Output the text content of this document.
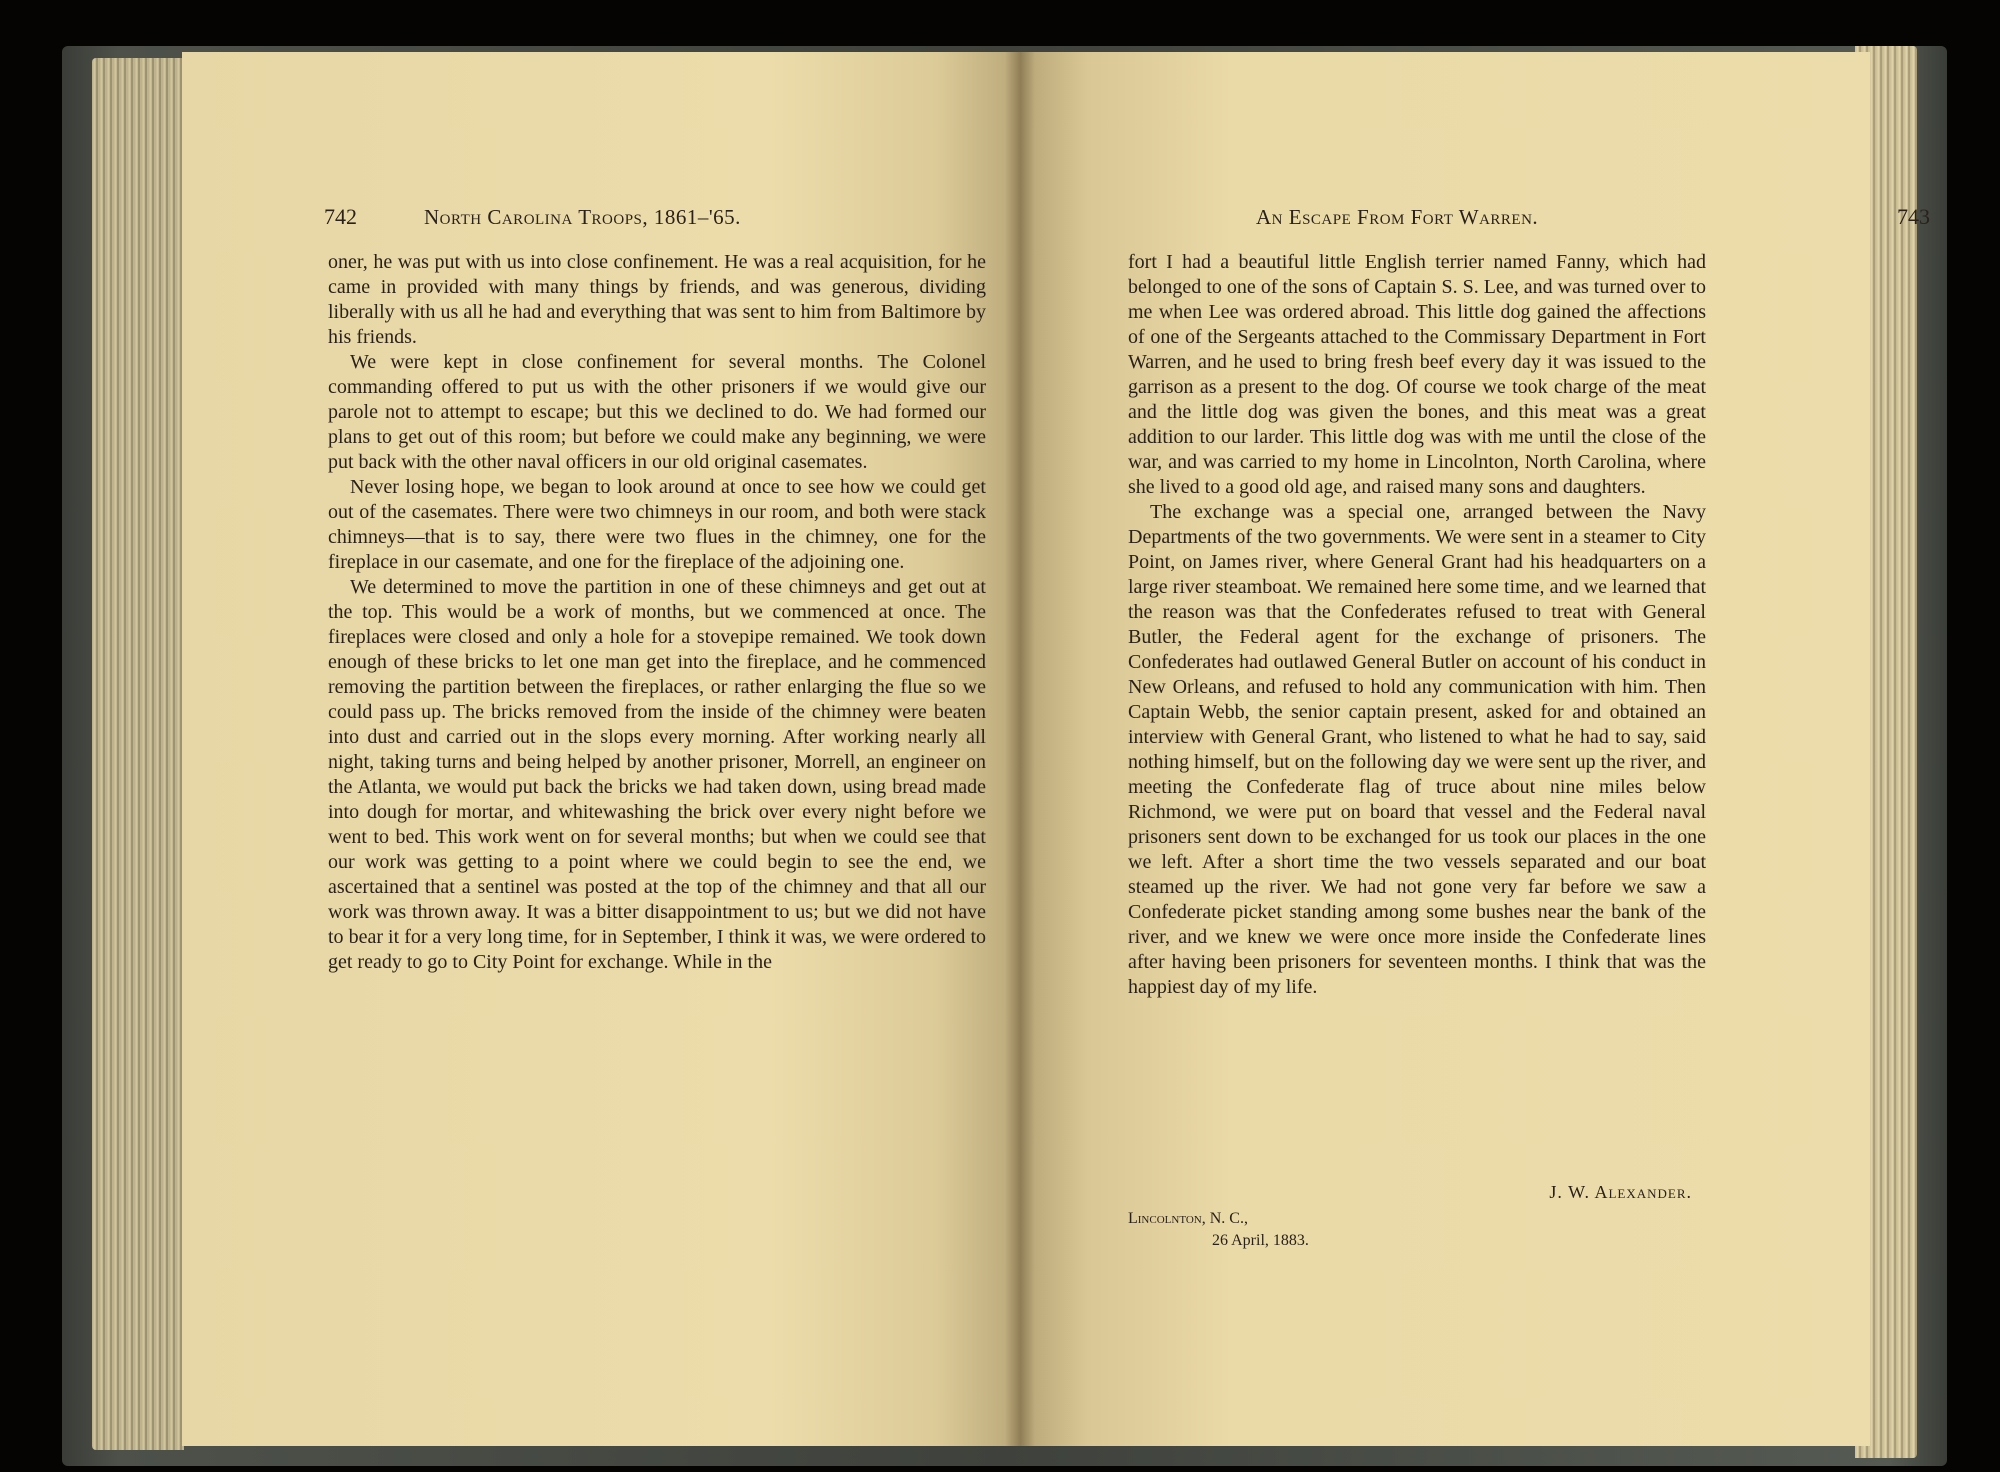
742	North Carolina Troops, 1861–'65.

oner, he was put with us into close confinement. He was a real acquisition, for he came in provided with many things by friends, and was generous, dividing liberally with us all he had and everything that was sent to him from Baltimore by his friends.

We were kept in close confinement for several months. The Colonel commanding offered to put us with the other prisoners if we would give our parole not to attempt to escape; but this we declined to do. We had formed our plans to get out of this room; but before we could make any beginning, we were put back with the other naval officers in our old original casemates.

Never losing hope, we began to look around at once to see how we could get out of the casemates. There were two chimneys in our room, and both were stack chimneys—that is to say, there were two flues in the chimney, one for the fireplace in our casemate, and one for the fireplace of the adjoining one.

We determined to move the partition in one of these chimneys and get out at the top. This would be a work of months, but we commenced at once. The fireplaces were closed and only a hole for a stovepipe remained. We took down enough of these bricks to let one man get into the fireplace, and he commenced removing the partition between the fireplaces, or rather enlarging the flue so we could pass up. The bricks removed from the inside of the chimney were beaten into dust and carried out in the slops every morning. After working nearly all night, taking turns and being helped by another prisoner, Morrell, an engineer on the Atlanta, we would put back the bricks we had taken down, using bread made into dough for mortar, and whitewashing the brick over every night before we went to bed. This work went on for several months; but when we could see that our work was getting to a point where we could begin to see the end, we ascertained that a sentinel was posted at the top of the chimney and that all our work was thrown away. It was a bitter disappointment to us; but we did not have to bear it for a very long time, for in September, I think it was, we were ordered to get ready to go to City Point for exchange. While in the

An Escape From Fort Warren.	743

fort I had a beautiful little English terrier named Fanny, which had belonged to one of the sons of Captain S. S. Lee, and was turned over to me when Lee was ordered abroad. This little dog gained the affections of one of the Sergeants attached to the Commissary Department in Fort Warren, and he used to bring fresh beef every day it was issued to the garrison as a present to the dog. Of course we took charge of the meat and the little dog was given the bones, and this meat was a great addition to our larder. This little dog was with me until the close of the war, and was carried to my home in Lincolnton, North Carolina, where she lived to a good old age, and raised many sons and daughters.

The exchange was a special one, arranged between the Navy Departments of the two governments. We were sent in a steamer to City Point, on James river, where General Grant had his headquarters on a large river steamboat. We remained here some time, and we learned that the reason was that the Confederates refused to treat with General Butler, the Federal agent for the exchange of prisoners. The Confederates had outlawed General Butler on account of his conduct in New Orleans, and refused to hold any communication with him. Then Captain Webb, the senior captain present, asked for and obtained an interview with General Grant, who listened to what he had to say, said nothing himself, but on the following day we were sent up the river, and meeting the Confederate flag of truce about nine miles below Richmond, we were put on board that vessel and the Federal naval prisoners sent down to be exchanged for us took our places in the one we left. After a short time the two vessels separated and our boat steamed up the river. We had not gone very far before we saw a Confederate picket standing among some bushes near the bank of the river, and we knew we were once more inside the Confederate lines after having been prisoners for seventeen months. I think that was the happiest day of my life.

J. W. Alexander.
Lincolnton, N. C.,
26 April, 1883.
